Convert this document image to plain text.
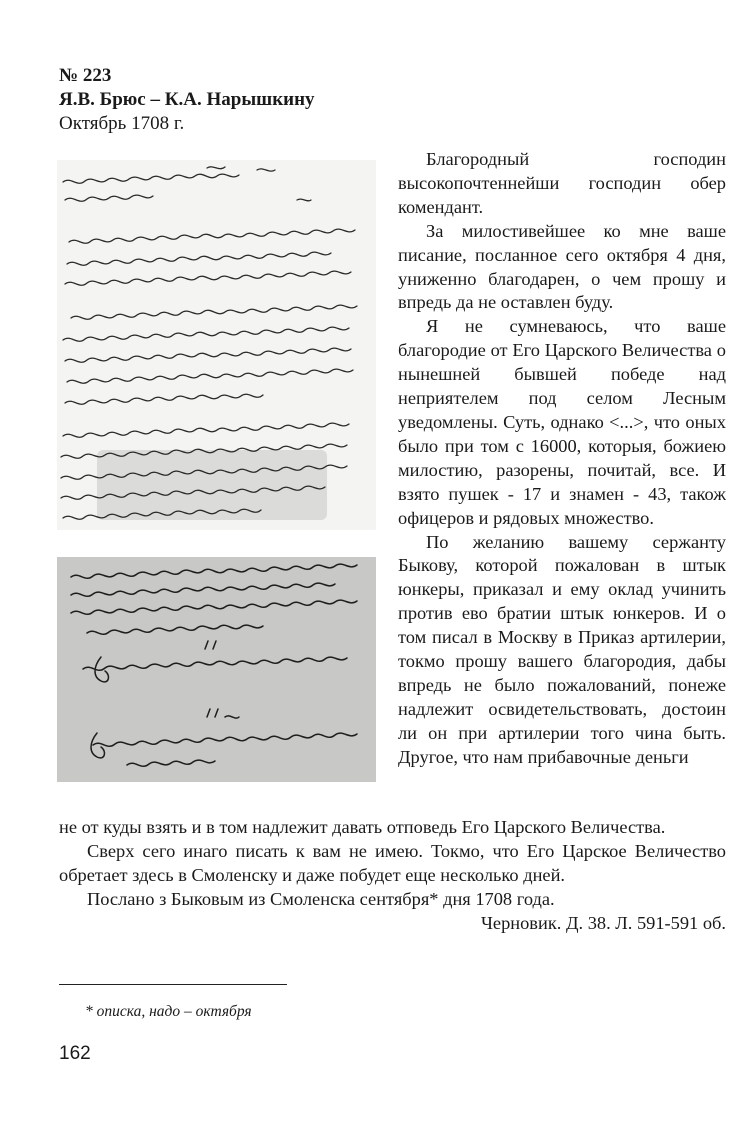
№ 223
Я.В. Брюс – К.А. Нарышкину
Октябрь 1708 г.

Благородный господин высокопочтеннейши господин обер комендант.

За милостивейшее ко мне ваше писание, посланное сего октября 4 дня, униженно благодарен, о чем прошу и впредь да не оставлен буду.

Я не сумневаюсь, что ваше благородие от Его Царского Величества о нынешней бывшей победе над неприятелем под селом Лесным уведомлены. Суть, однако <...>, что оных было при том с 16000, которыя, божиею милостию, разорены, почитай, все. И взято пушек - 17 и знамен - 43, також офицеров и рядовых множество.

По желанию вашему сержанту Быкову, которой пожалован в штык юнкеры, приказал и ему оклад учинить против ево братии штык юнкеров. И о том писал в Москву в Приказ артилерии, токмо прошу вашего благородия, дабы впредь не было пожалований, понеже надлежит освидетельствовать, достоин ли он при артилерии того чина быть. Другое, что нам прибавочные деньги

не от куды взять и в том надлежит давать отповедь Его Царского Величества.

Сверх сего инаго писать к вам не имею. Токмо, что Его Царское Величество обретает здесь в Смоленску и даже побудет еще несколько дней.

Послано з Быковым из Смоленска сентября* дня 1708 года.

Черновик. Д. 38. Л. 591-591 об.

* описка, надо – октября
162
